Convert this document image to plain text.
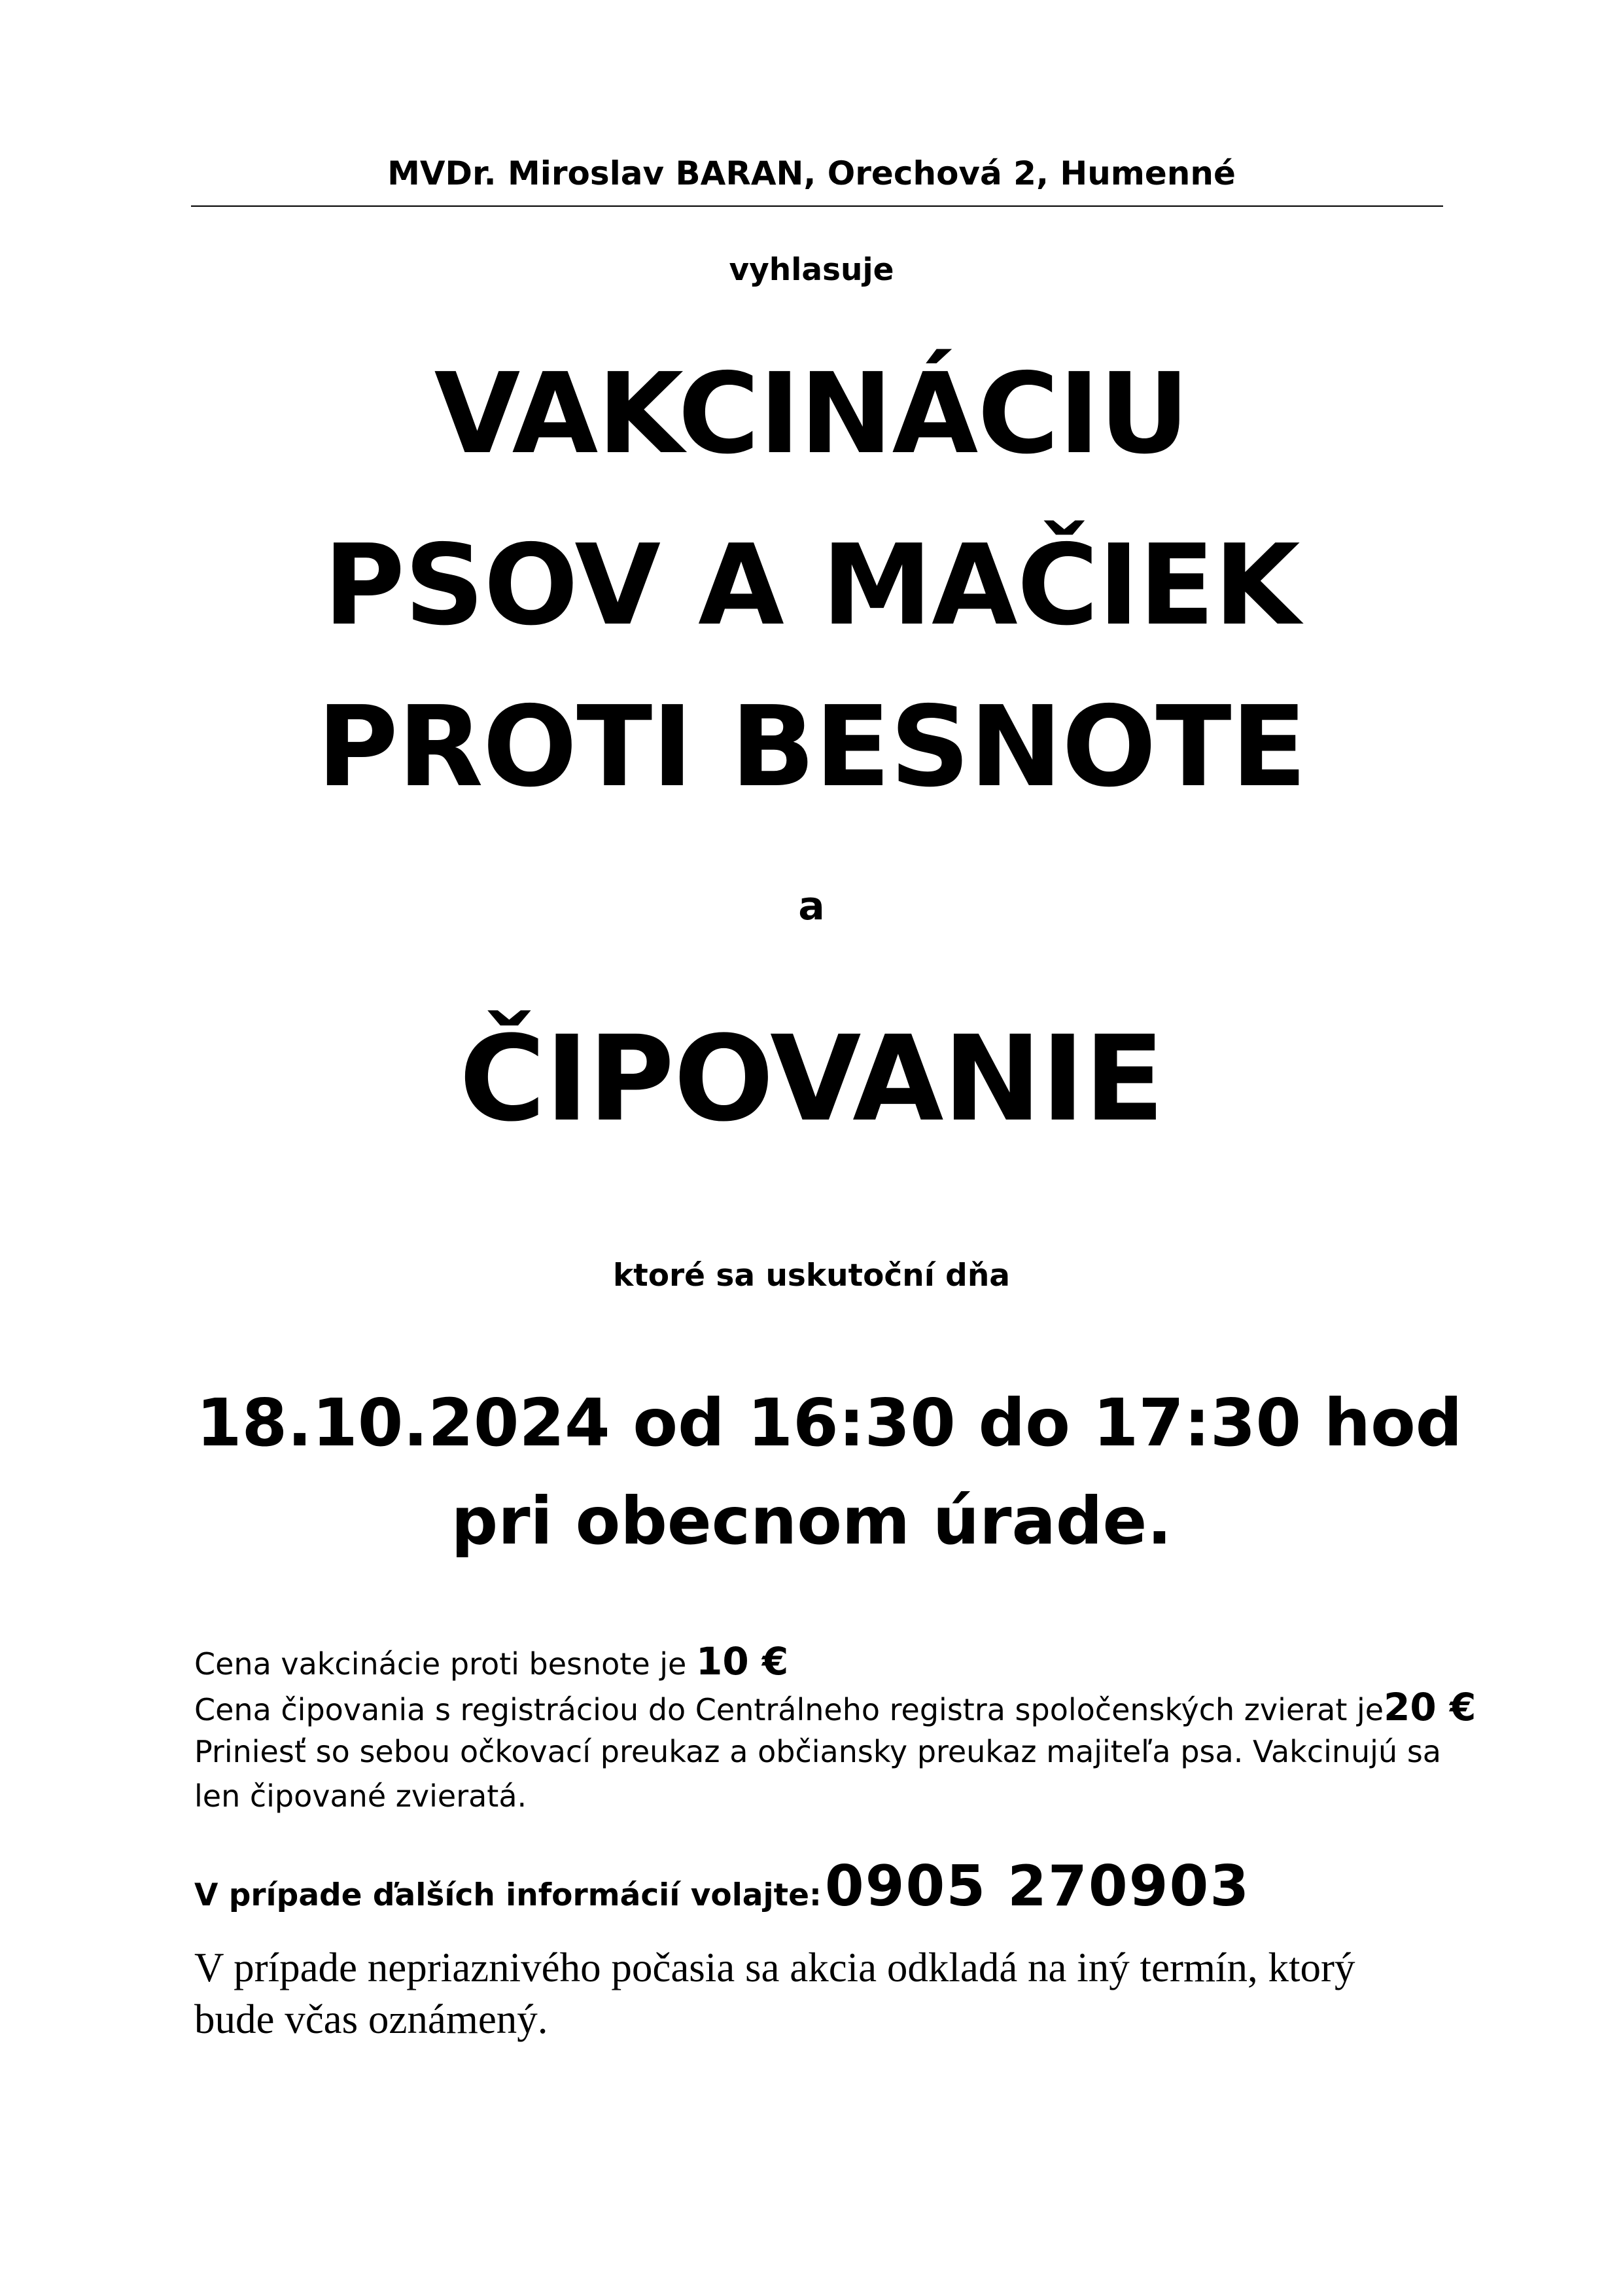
MVDr. Miroslav BARAN, Orechová 2, Humenné
vyhlasuje
VAKCINÁCIU
PSOV A MAČIEK
PROTI BESNOTE
a
ČIPOVANIE
ktoré sa uskutoční dňa
18.10.2024 od 16:30 do 17:30 hod
pri obecnom úrade.
Cena vakcinácie proti besnote je 10 €
Cena čipovania s registráciou do Centrálneho registra spoločenských zvierat je 20 €
Priniesť so sebou očkovací preukaz a občiansky preukaz majiteľa psa. Vakcinujú sa len čipované zvieratá.
V prípade ďalších informácií volajte: 0905 270903
V prípade nepriaznivého počasia sa akcia odkladá na iný termín, ktorý bude včas oznámený.
